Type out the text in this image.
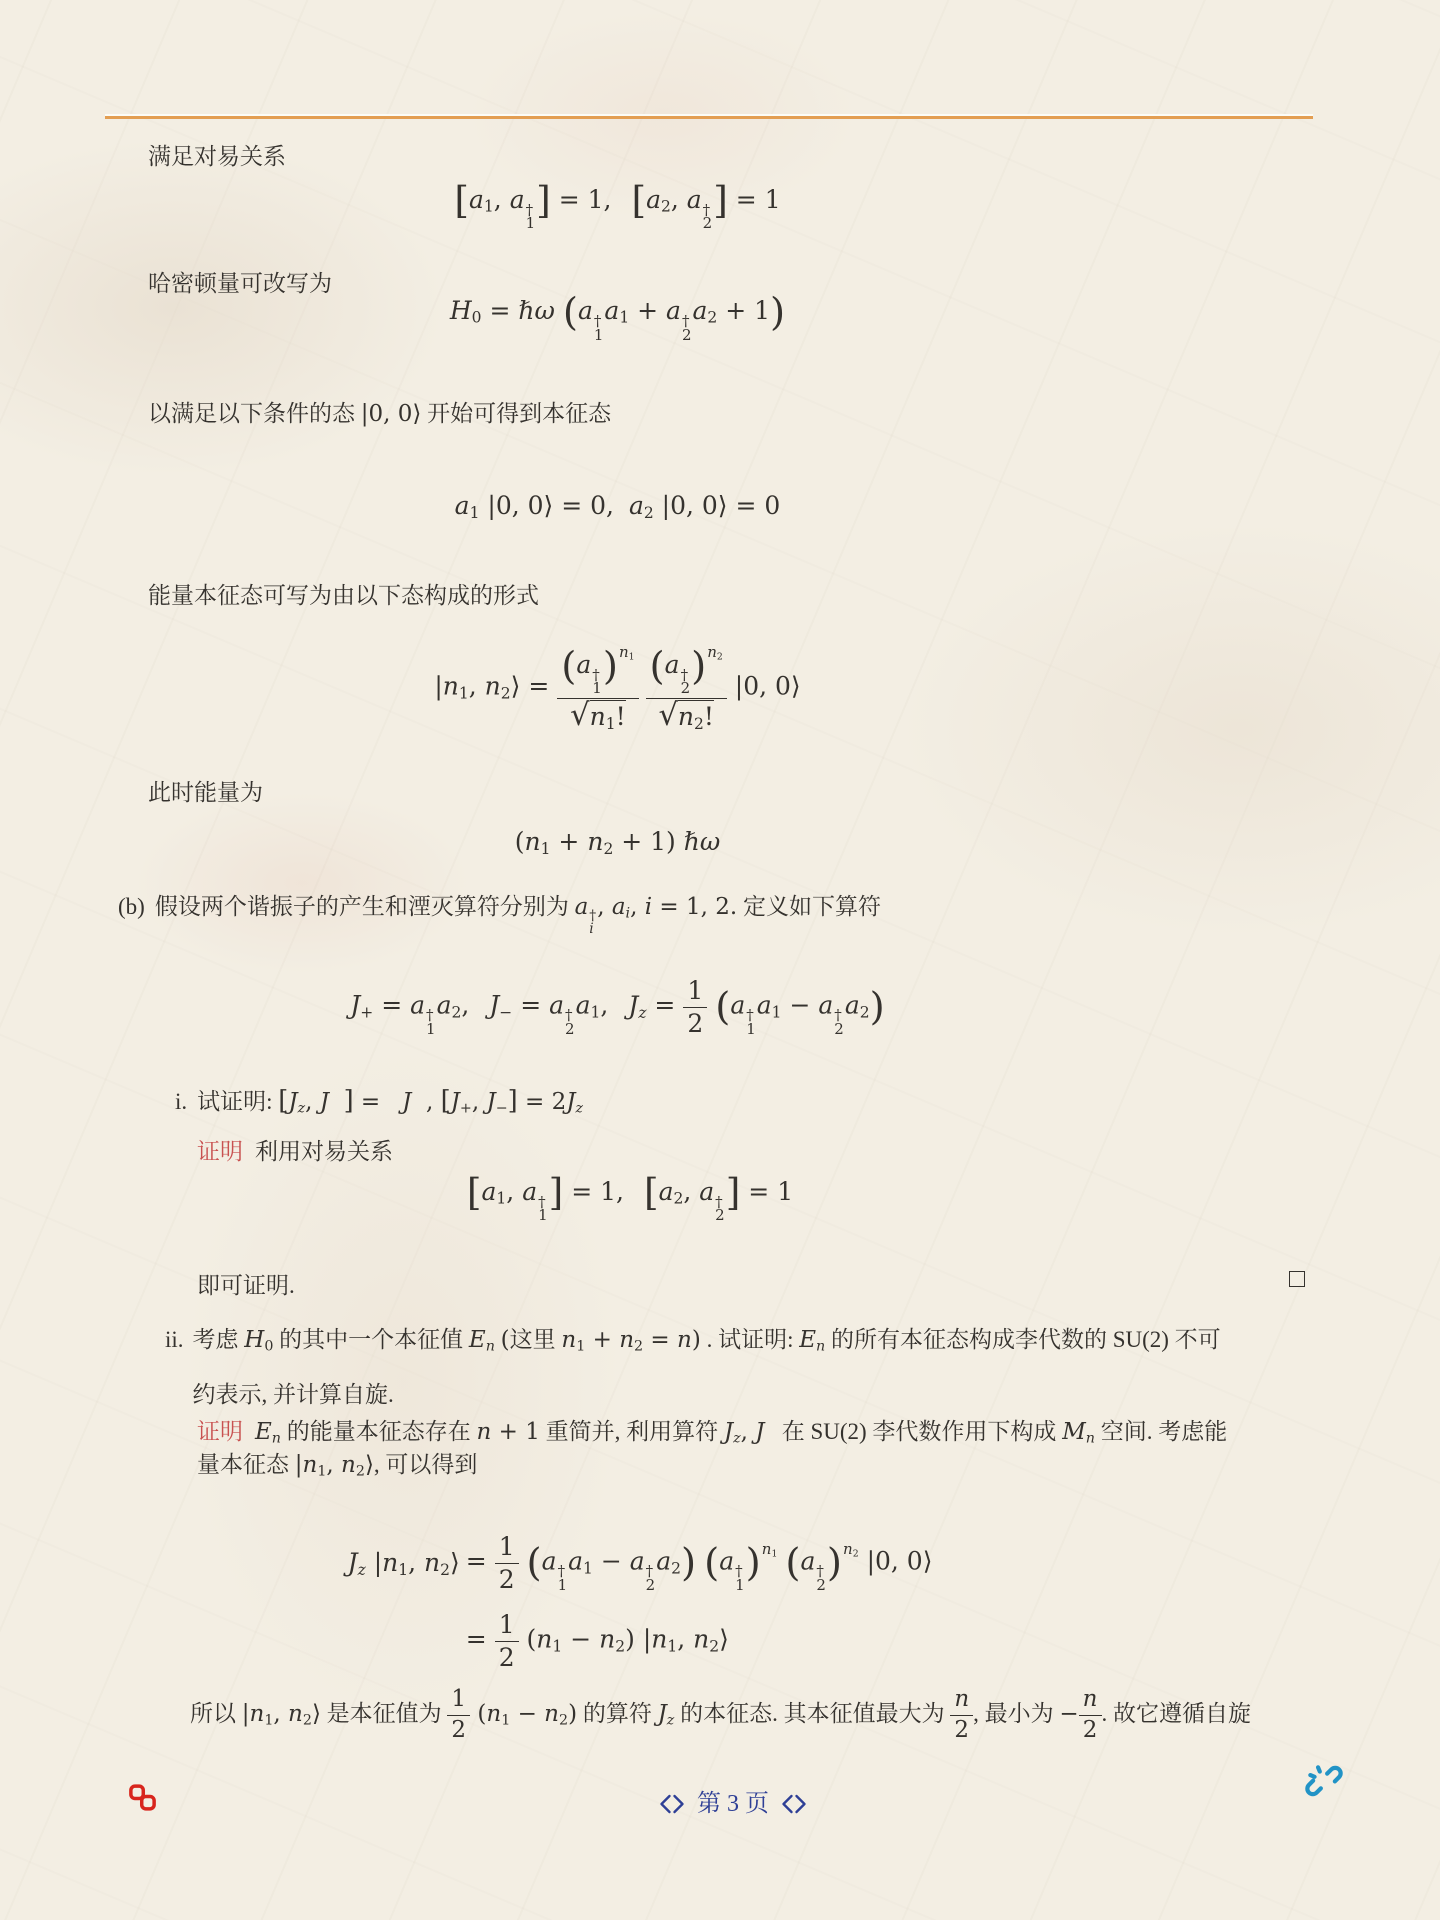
满足对易关系

[$a_1$, a †
1
] = 1, [$a_2$, a †
2
] = 1

哈密顿量可改写为

$H_0$ = ℏω (a †
1
$a_1 + a$ †
2
$a_2 + 1$)

以满足以下条件的态 |0, 0⟩ 开始可得到本征态

$a_1$ |0, 0⟩ = 0, $a_2$ |0, 0⟩ = 0

能量本征态可写为由以下态构成的形式

$|n_1$, $n_2⟩ = (a$ †
1 )$^{n_1}$
$√n_1$! (a †
2 )$^{n_2}$
$√n_2$! |0, 0⟩

此时能量为

$(n_1 + n_2 + 1)$ ℏω
(b) 假设两个谐振子的产生和湮灭算符分别为 a †
i
, $a_i$, i = 1, 2. 定义如下算符
$J_+ = a$ †
1
$a_2$, $J_- = a$ †
2
$a_1$, $J_z = \frac{1}{2} (a$ †
1
$a_1 - a$ †
2
$a_2$)
i. 试证明: [$J_z$, J ] =   J  , [$J_+$, $J_-] = 2J_z$

证明 利用对易关系

[$a_1$, a †
1
] = 1, [$a_2$, a †
2
] = 1

即可证明.

ii. 考虑 $H_0$ 的其中一个本征值 $E_n$ (这里 $n_1 + n_2 = n$) . 试证明: $E_n$ 的所有本征态构成李代数的 SU(2) 不可
约表示, 并计算自旋.

证明 $E_n$ 的能量本征态存在 n + 1 重简并, 利用算符 $J_z$, J   在 SU(2) 李代数作用下构成 $M_n$ 空间. 考虑能
量本征态 $|n_1$, $n_2⟩$, 可以得到

$J_z$ $|n_1$, $n_2⟩ = \frac{1}{2} (a$ †
1
$a_1 - a$ †
2
$a_2$) (a †
1 )$^{n_1}$ (a †
2 )$^{n_2}$ |0, 0⟩
= $\frac{1}{2} (n_1 - n_2)$ $|n_1$, $n_2⟩$

所以 $|n_1$, $n_2⟩$ 是本征值为 $\frac{1}{2} (n_1 - n_2)$ 的算符 $J_z$ 的本征态. 其本征值最大为 $\frac{n}{2}$ , 最小为 − $\frac{n}{2}$ . 故它遵循自旋

第 3 页
